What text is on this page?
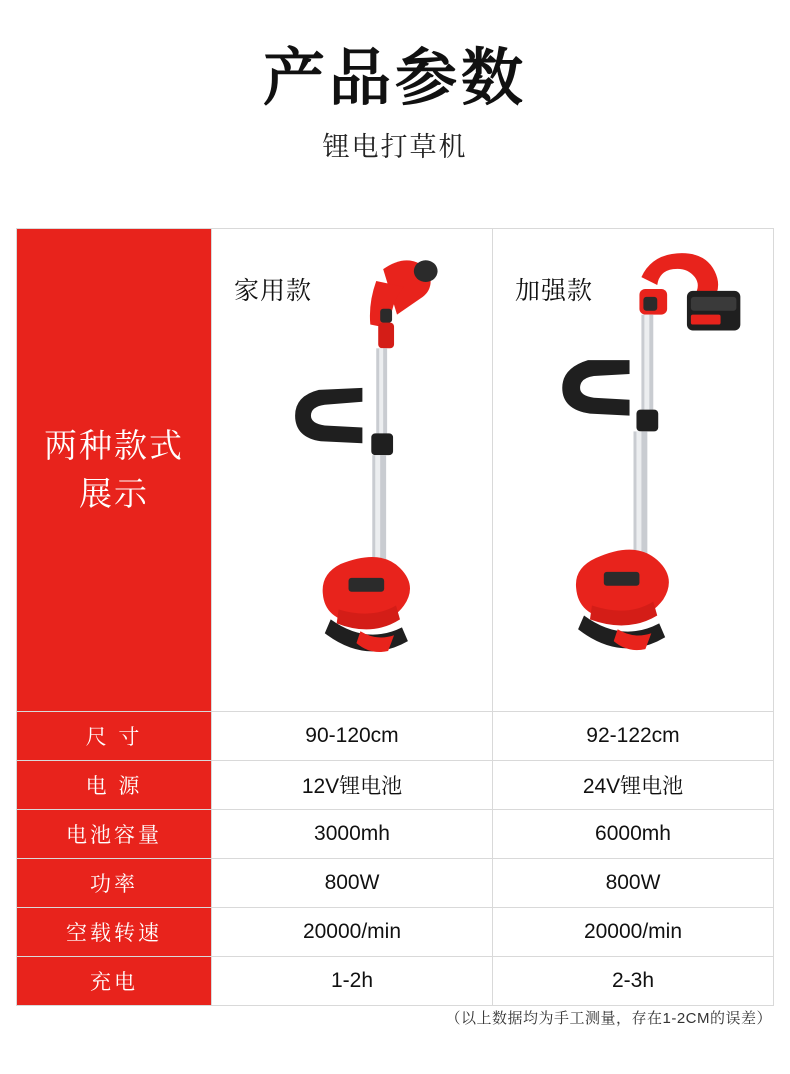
产品参数
锂电打草机
两种款式
展示	家用款	加强款

尺 寸	90-120cm	92-122cm
电 源	12V锂电池	24V锂电池
电池容量	3000mh	6000mh
功率	800W	800W
空载转速	20000/min	20000/min
充电	1-2h	2-3h
（以上数据均为手工测量，存在1-2CM的误差）
